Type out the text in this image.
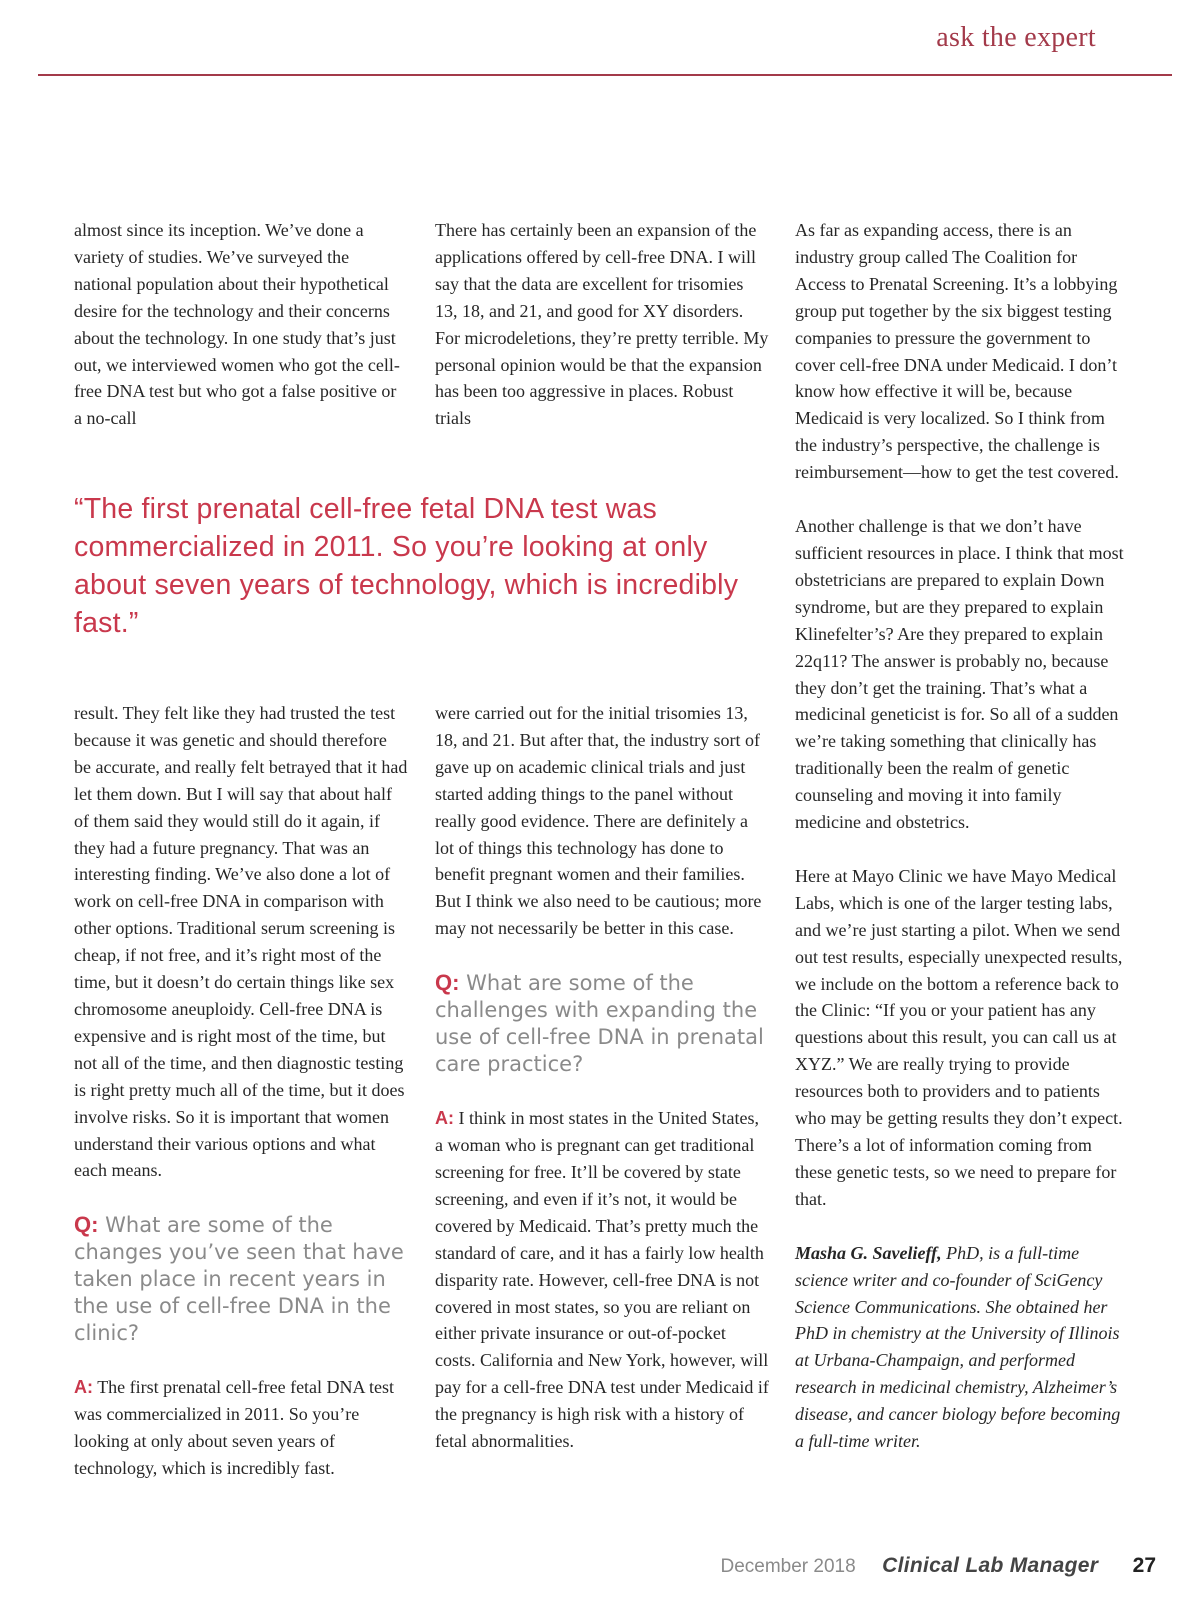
ask the expert

almost since its inception. We’ve done a variety of studies. We’ve surveyed the national population about their hypothetical desire for the technology and their concerns about the technology. In one study that’s just out, we interviewed women who got the cell-free DNA test but who got a false positive or a no-call

There has certainly been an expansion of the applications offered by cell-free DNA. I will say that the data are excellent for trisomies 13, 18, and 21, and good for XY disorders. For microdeletions, they’re pretty terrible. My personal opinion would be that the expansion has been too aggressive in places. Robust trials

“The first prenatal cell-free fetal DNA test was commercialized in 2011. So you’re looking at only about seven years of technology, which is incredibly fast.”

result. They felt like they had trusted the test because it was genetic and should therefore be accurate, and really felt betrayed that it had let them down. But I will say that about half of them said they would still do it again, if they had a future pregnancy. That was an interesting finding. We’ve also done a lot of work on cell-free DNA in comparison with other options. Traditional serum screening is cheap, if not free, and it’s right most of the time, but it doesn’t do certain things like sex chromosome aneuploidy. Cell-free DNA is expensive and is right most of the time, but not all of the time, and then diagnostic testing is right pretty much all of the time, but it does involve risks. So it is important that women understand their various options and what each means.

Q: What are some of the changes you’ve seen that have taken place in recent years in the use of cell-free DNA in the clinic?

A: The first prenatal cell-free fetal DNA test was commercialized in 2011. So you’re looking at only about seven years of technology, which is incredibly fast.

were carried out for the initial trisomies 13, 18, and 21. But after that, the industry sort of gave up on academic clinical trials and just started adding things to the panel without really good evidence. There are definitely a lot of things this technology has done to benefit pregnant women and their families. But I think we also need to be cautious; more may not necessarily be better in this case.

Q: What are some of the challenges with expanding the use of cell-free DNA in prenatal care practice?

A: I think in most states in the United States, a woman who is pregnant can get traditional screening for free. It’ll be covered by state screening, and even if it’s not, it would be covered by Medicaid. That’s pretty much the standard of care, and it has a fairly low health disparity rate. However, cell-free DNA is not covered in most states, so you are reliant on either private insurance or out-of-pocket costs. California and New York, however, will pay for a cell-free DNA test under Medicaid if the pregnancy is high risk with a history of fetal abnormalities.

As far as expanding access, there is an industry group called The Coalition for Access to Prenatal Screening. It’s a lobbying group put together by the six biggest testing companies to pressure the government to cover cell-free DNA under Medicaid. I don’t know how effective it will be, because Medicaid is very localized. So I think from the industry’s perspective, the challenge is reimbursement—how to get the test covered.

Another challenge is that we don’t have sufficient resources in place. I think that most obstetricians are prepared to explain Down syndrome, but are they prepared to explain Klinefelter’s? Are they prepared to explain 22q11? The answer is probably no, because they don’t get the training. That’s what a medicinal geneticist is for. So all of a sudden we’re taking something that clinically has traditionally been the realm of genetic counseling and moving it into family medicine and obstetrics.

Here at Mayo Clinic we have Mayo Medical Labs, which is one of the larger testing labs, and we’re just starting a pilot. When we send out test results, especially unexpected results, we include on the bottom a reference back to the Clinic: “If you or your patient has any questions about this result, you can call us at XYZ.” We are really trying to provide resources both to providers and to patients who may be getting results they don’t expect. There’s a lot of information coming from these genetic tests, so we need to prepare for that.

Masha G. Savelieff, PhD, is a full-time science writer and co-founder of SciGency Science Communications. She obtained her PhD in chemistry at the University of Illinois at Urbana-Champaign, and performed research in medicinal chemistry, Alzheimer’s disease, and cancer biology before becoming a full-time writer.

December 2018 Clinical Lab Manager 27
